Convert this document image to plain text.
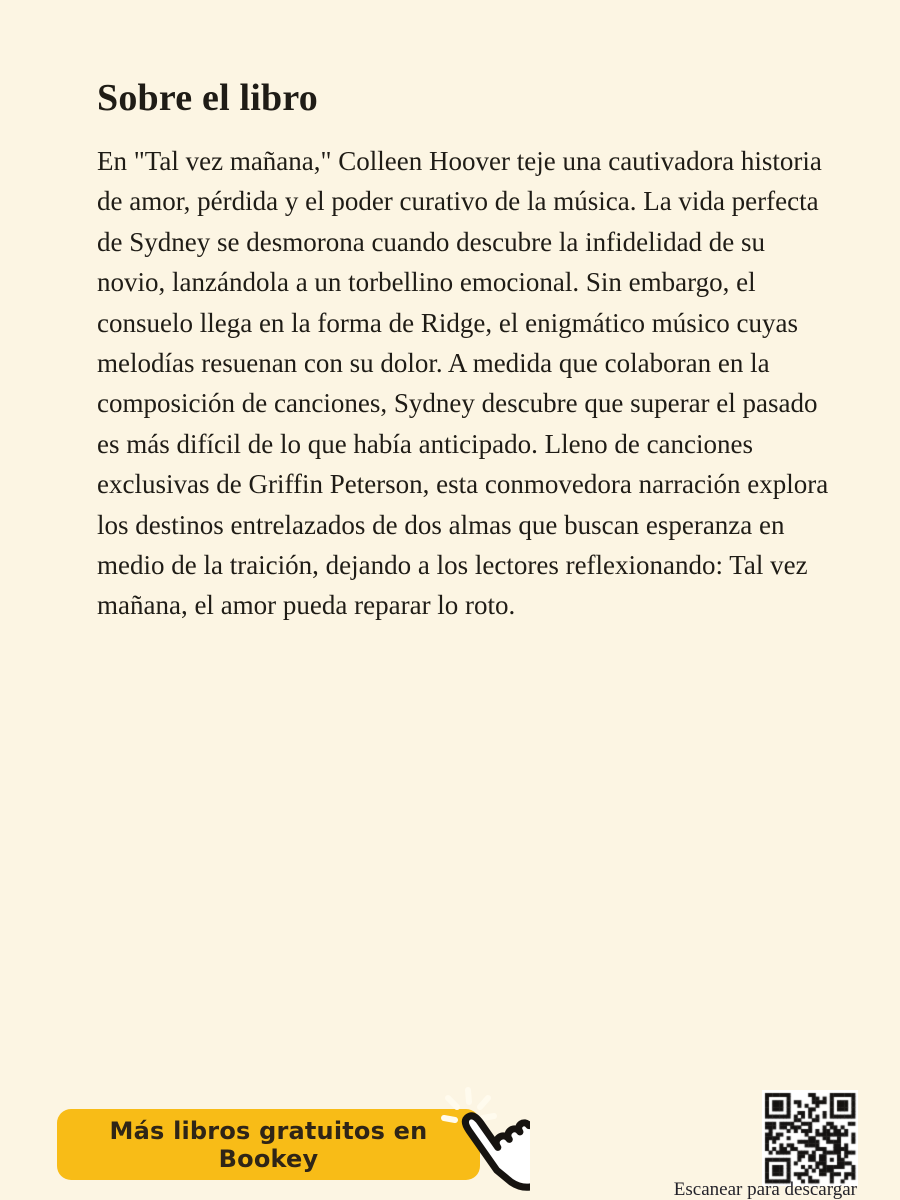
Sobre el libro

En "Tal vez mañana," Colleen Hoover teje una cautivadora historia de amor, pérdida y el poder curativo de la música. La vida perfecta de Sydney se desmorona cuando descubre la infidelidad de su novio, lanzándola a un torbellino emocional. Sin embargo, el consuelo llega en la forma de Ridge, el enigmático músico cuyas melodías resuenan con su dolor. A medida que colaboran en la composición de canciones, Sydney descubre que superar el pasado es más difícil de lo que había anticipado. Lleno de canciones exclusivas de Griffin Peterson, esta conmovedora narración explora los destinos entrelazados de dos almas que buscan esperanza en medio de la traición, dejando a los lectores reflexionando: Tal vez mañana, el amor pueda reparar lo roto.

Más libros gratuitos en Bookey
Escanear para descargar
